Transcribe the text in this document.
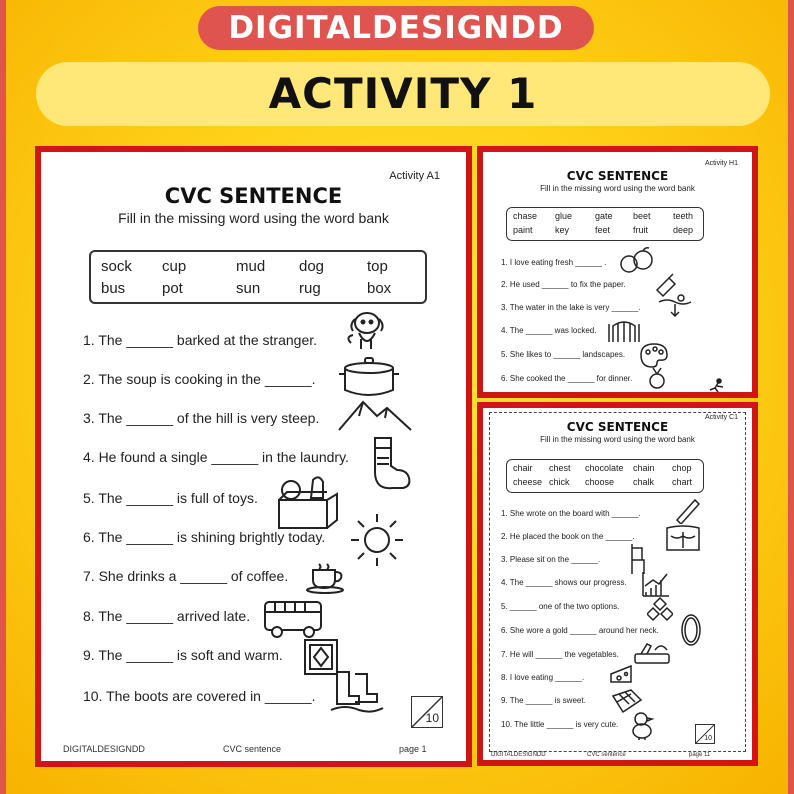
DIGITALDESIGNDD
ACTIVITY 1
Activity A1
CVC SENTENCE
Fill in the missing word using the word bank
sock cup	mud dog	top
bus pot	sun	rug	box
1. The ______ barked at the stranger.
2. The soup is cooking in the ______.
3. The ______ of the hill is very steep.
4. He found a single ______ in the laundry.
5. The ______ is full of toys.
6. The ______ is shining brightly today.
7. She drinks a ______ of coffee.
8. The ______ arrived late.
9. The ______ is soft and warm.
10. The boots are covered in ______.
10
DIGITALDESIGNDD	CVC sentence	page 1
Activity H1
CVC SENTENCE
Fill in the missing word using the word bank
chase glue	gate beet teeth
paint key	feet	fruit	deep
1. I love eating fresh ______ .
2. He used ______ to fix the paper.
3. The water in the lake is very ______.
4. The ______ was locked.
5. She likes to ______ landscapes.
6. She cooked the ______ for dinner.
Activity C1
CVC SENTENCE
Fill in the missing word using the word bank
chair chest chocolate chain chop
cheese chick choose chalk chart
1. She wrote on the board with ______.
2. He placed the book on the ______.
3. Please sit on the ______.
4. The ______ shows our progress.
5. ______ one of the two options.
6. She wore a gold ______ around her neck.
7. He will ______ the vegetables.
8. I love eating ______.
9. The ______ is sweet.
10. The little ______ is very cute.
10
DIGITALDESIGNDD	CVC sentence	page 11
